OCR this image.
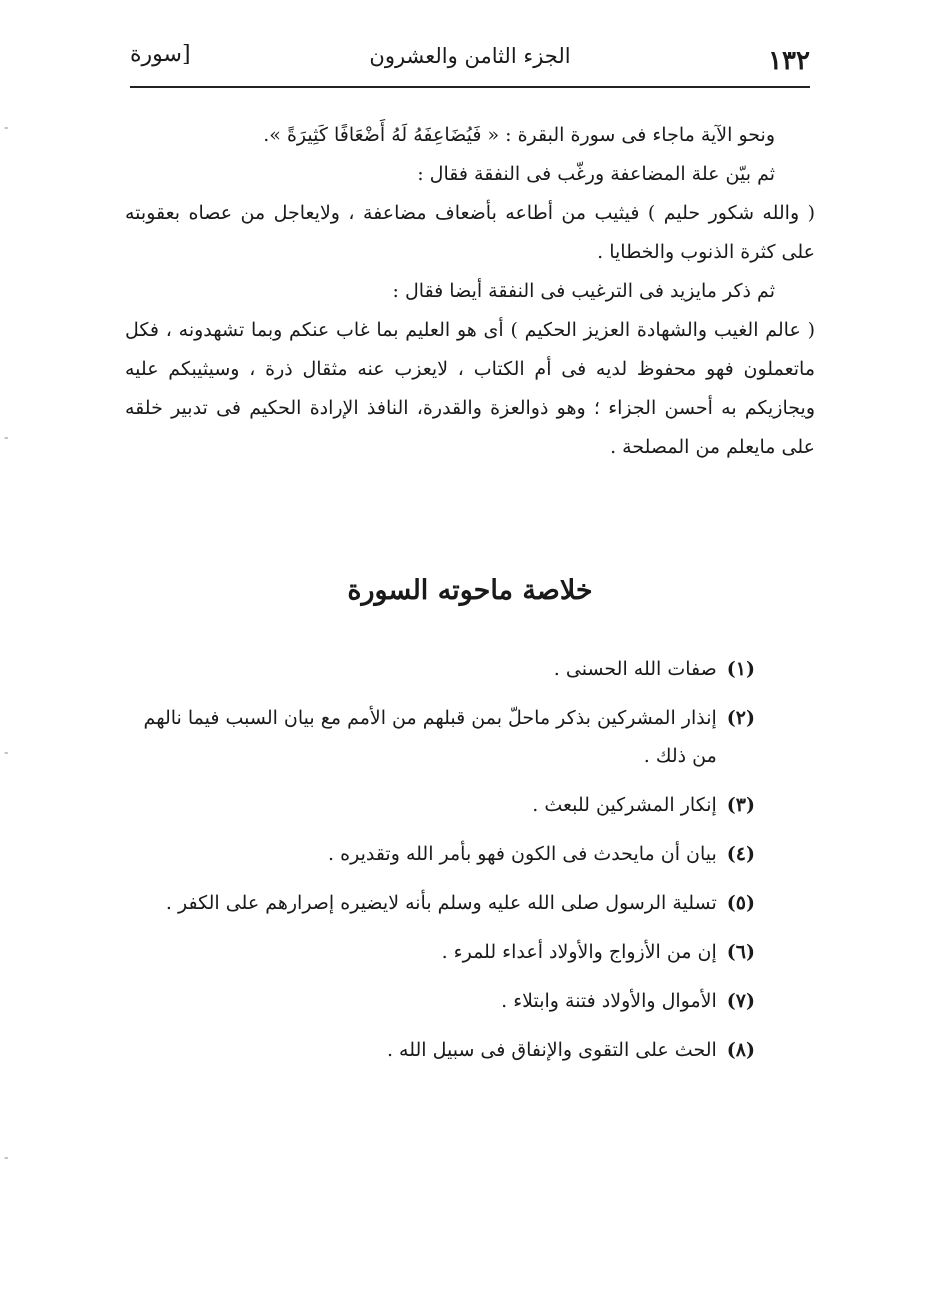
˗
˗
˗
˗
١٣٢
الجزء الثامن والعشرون
[سورة

ونحو الآية ماجاء فى سورة البقرة : « فَيُضَاعِفَهُ لَهُ أَضْعَافًا كَثِيرَةً ».

ثم بيّن علة المضاعفة ورغّب فى النفقة فقال :

( والله شكور حليم ) فيثيب من أطاعه بأضعاف مضاعفة ، ولايعاجل من عصاه بعقوبته على كثرة الذنوب والخطايا .

ثم ذكر مايزيد فى الترغيب فى النفقة أيضا فقال :

( عالم الغيب والشهادة العزيز الحكيم ) أى هو العليم بما غاب عنكم وبما تشهدونه ، فكل ماتعملون فهو محفوظ لديه فى أم الكتاب ، لايعزب عنه مثقال ذرة ، وسيثيبكم عليه ويجازيكم به أحسن الجزاء ؛ وهو ذوالعزة والقدرة، النافذ الإرادة الحكيم فى تدبير خلقه على مايعلم من المصلحة .

خلاصة ماحوته السورة
(١)
صفات الله الحسنى .
(٢)
إنذار المشركين بذكر ماحلّ بمن قبلهم من الأمم مع بيان السبب فيما نالهم من ذلك .
(٣)
إنكار المشركين للبعث .
(٤)
بيان أن مايحدث فى الكون فهو بأمر الله وتقديره .
(٥)
تسلية الرسول صلى الله عليه وسلم بأنه لايضيره إصرارهم على الكفر .
(٦)
إن من الأزواج والأولاد أعداء للمرء .
(٧)
الأموال والأولاد فتنة وابتلاء .
(٨)
الحث على التقوى والإنفاق فى سبيل الله .
